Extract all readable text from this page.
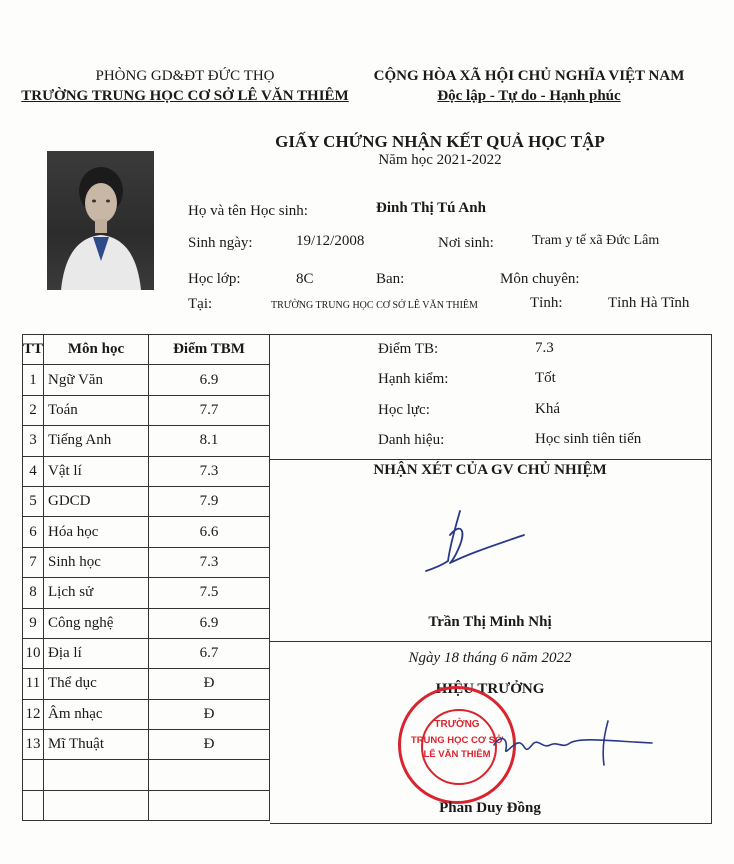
PHÒNG GD&ĐT ĐỨC THỌ
TRƯỜNG TRUNG HỌC CƠ SỞ LÊ VĂN THIÊM
CỘNG HÒA XÃ HỘI CHỦ NGHĨA VIỆT NAM
Độc lập - Tự do - Hạnh phúc
GIẤY CHỨNG NHẬN KẾT QUẢ HỌC TẬP
Năm học 2021-2022
Họ và tên Học sinh:	Đinh Thị Tú Anh
Sinh ngày:	19/12/2008	Nơi sinh:	Tram y tế xã Đức Lâm
Học lớp:	8C	Ban:	Môn chuyên:
Tại:	TRƯỜNG TRUNG HỌC CƠ SỞ LÊ VĂN THIÊM	Tỉnh:	Tỉnh Hà Tĩnh
TT	Môn học	Điểm TBM
1	Ngữ Văn	6.9
2	Toán	7.7
3	Tiếng Anh	8.1
4	Vật lí	7.3
5	GDCD	7.9
6	Hóa học	6.6
7	Sinh học	7.3
8	Lịch sử	7.5
9	Công nghệ	6.9
10	Địa lí	6.7
11	Thể dục	Đ
12	Âm nhạc	Đ
13	Mĩ Thuật	Đ

Điểm TB:	7.3
Hạnh kiểm:	Tốt
Học lực:	Khá
Danh hiệu:	Học sinh tiên tiến
NHẬN XÉT CỦA GV CHỦ NHIỆM
Trần Thị Minh Nhị
Ngày 18 tháng 6 năm 2022
HIỆU TRƯỞNG
TRƯỜNG
TRUNG HỌC CƠ SỞ
LÊ VĂN THIÊM
Phan Duy Đồng
